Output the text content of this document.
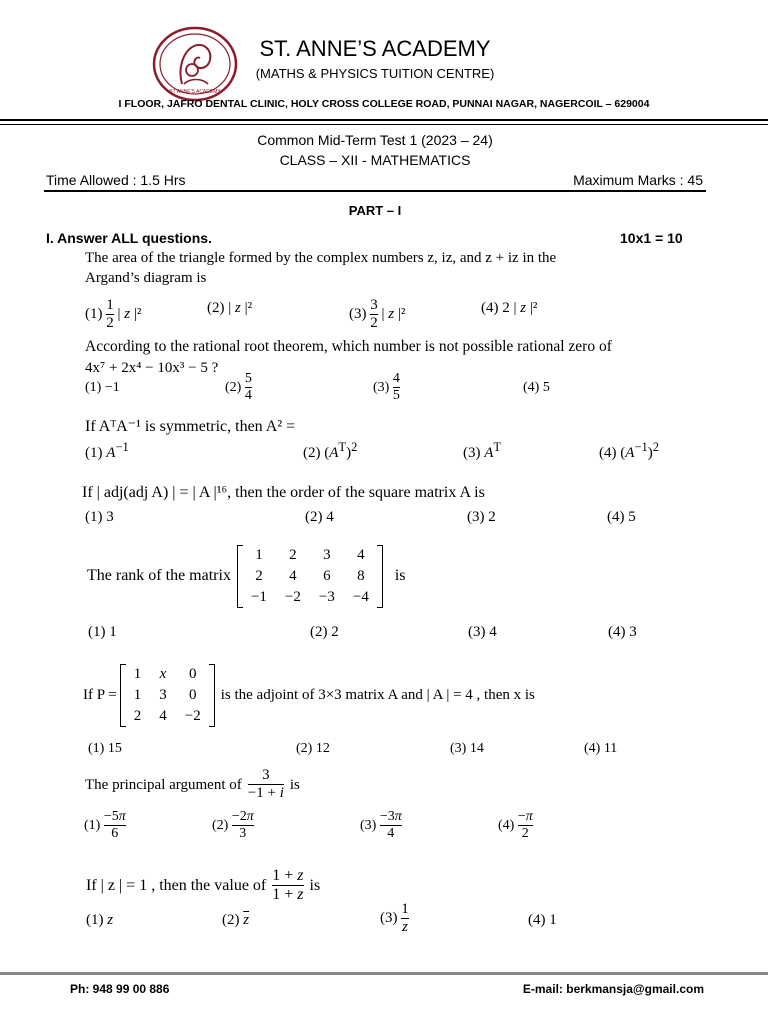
ST ANNE'S ACADEMY
ST. ANNE’S ACADEMY
(MATHS & PHYSICS TUITION CENTRE)
I FLOOR, JAFRO DENTAL CLINIC, HOLY CROSS COLLEGE ROAD, PUNNAI NAGAR, NAGERCOIL – 629004
Common Mid-Term Test 1 (2023 – 24)
CLASS – XII - MATHEMATICS
Time Allowed : 1.5 Hrs	Maximum Marks : 45
PART – I
I. Answer ALL questions.	10x1 = 10
The area of the triangle formed by the complex numbers z, iz, and z + iz in the
Argand’s diagram is
$(1) \frac{1}{2}$ | z |²	(2) | z |²	$(3) \frac{3}{2}$ | z |²	(4) 2 | z |²
According to the rational root theorem, which number is not possible rational zero of
4x⁷ + 2x⁴ − 10x³ − 5 ?
(1) −1	$(2) \frac{5}{4}$	$(3) \frac{4}{5}$	(4) 5
If AᵀA⁻¹ is symmetric, then A² =
(1) $A^{-1}$	(2) $(A^T)^2$	(3) $A^T$	(4) $(A^{-1})^2$
If | adj(adj A) | = | A |¹⁶, then the order of the square matrix A is
(1) 3	(2) 4	(3) 2	(4) 5
The rank of the matrix
1	2	3	4
2	4	6	8
−1	−2	−3	−4
is
(1) 1	(2) 2	(3) 4	(4) 3
If P =
1	x	0
1	3	0
2	4	−2
is the adjoint of 3×3 matrix A and | A | = 4 , then x is
(1) 15	(2) 12	(3) 14	(4) 11
The principal argument of $\frac{3}{-1 + i}$ is
$(1) \frac{-5\pi}{6}$	$(2) \frac{-2\pi}{3}$	$(3) \frac{-3\pi}{4}$	$(4) \frac{-\pi}{2}$
If | z | = 1 , then the value of $\frac{1 + z}{1 + \overline{z}}$ is
(1) z	(2) $\overline{z}$	$(3) \frac{1}{z}$	(4) 1
Ph: 948 99 00 886	E-mail: berkmansja@gmail.com
